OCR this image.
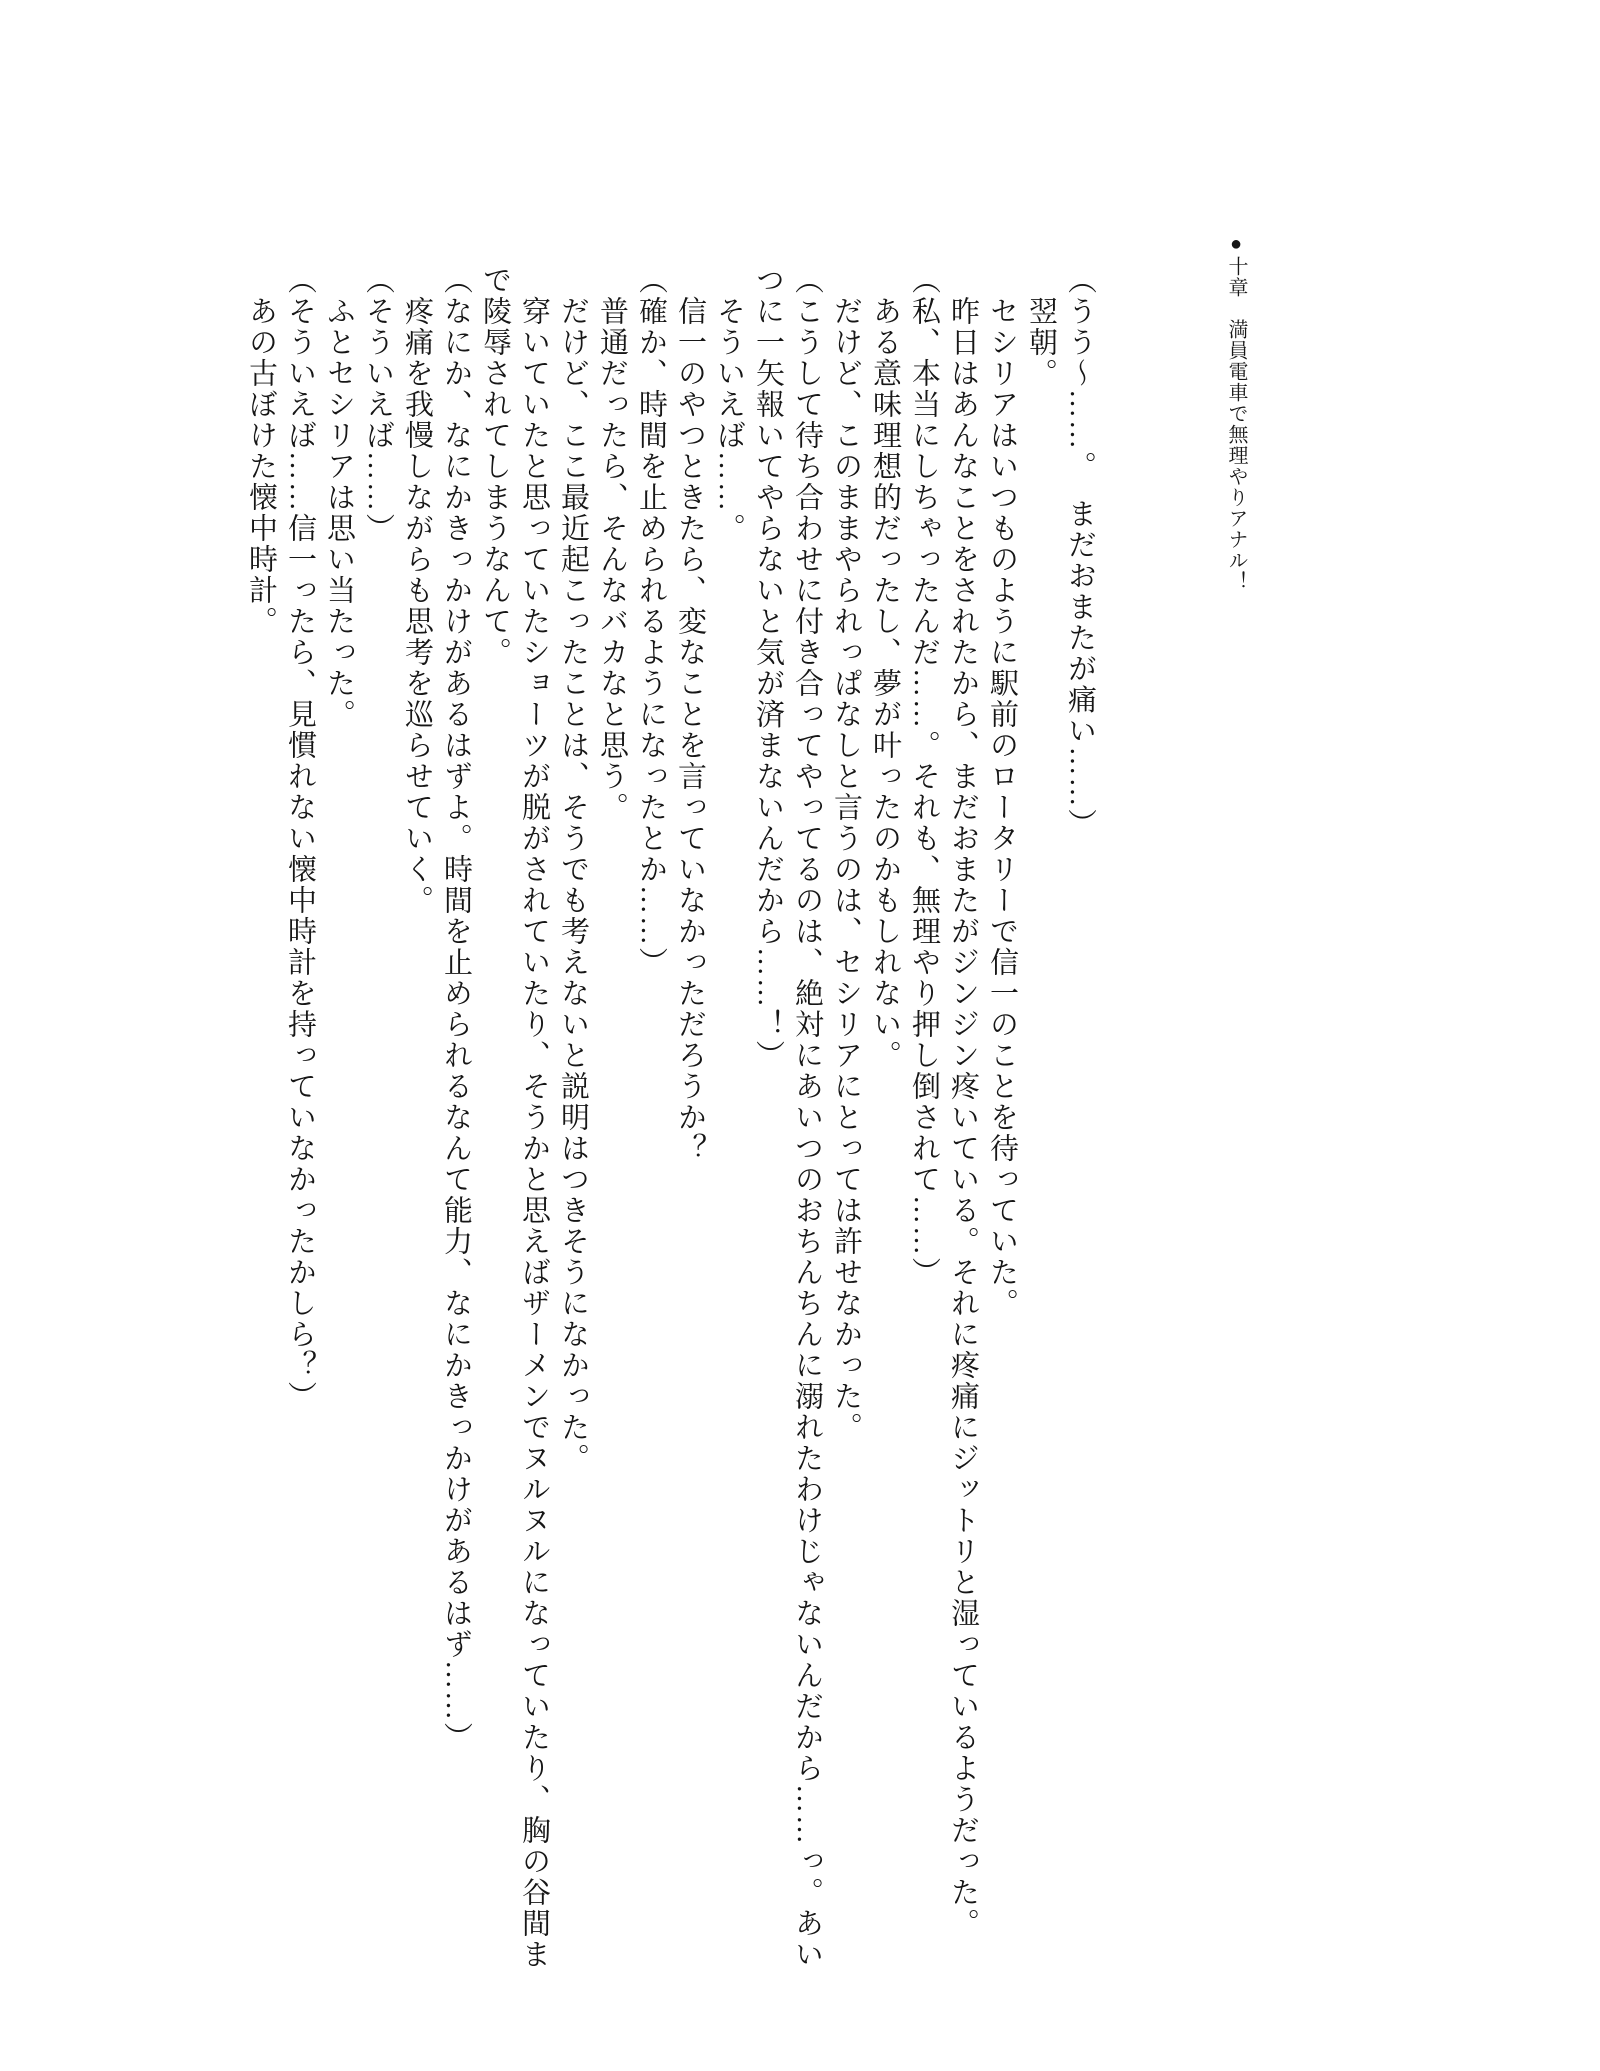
●十章　満員電車で無理やりアナル！
（うう〜……。　まだおまたが痛い……）
翌朝。
セシリアはいつものように駅前のロータリーで信一のことを待っていた。
昨日はあんなことをされたから、まだおまたがジンジン疼いている。それに疼痛にジットリと湿っているようだった。
（私、本当にしちゃったんだ……。それも、無理やり押し倒されて……）
ある意味理想的だったし、夢が叶ったのかもしれない。
だけど、このままやられっぱなしと言うのは、セシリアにとっては許せなかった。
（こうして待ち合わせに付き合ってやってるのは、絶対にあいつのおちんちんに溺れたわけじゃないんだから……っ。あい
つに一矢報いてやらないと気が済まないんだから……！）
そういえば……。
信一のやつときたら、変なことを言っていなかっただろうか？
（確か、時間を止められるようになったとか……）
普通だったら、そんなバカなと思う。
だけど、ここ最近起こったことは、そうでも考えないと説明はつきそうになかった。
穿いていたと思っていたショーツが脱がされていたり、そうかと思えばザーメンでヌルヌルになっていたり、胸の谷間ま
で陵辱されてしまうなんて。
（なにか、なにかきっかけがあるはずよ。時間を止められるなんて能力、なにかきっかけがあるはず……）
疼痛を我慢しながらも思考を巡らせていく。
（そういえば……）
ふとセシリアは思い当たった。
（そういえば……信一ったら、見慣れない懐中時計を持っていなかったかしら？）
あの古ぼけた懐中時計。
